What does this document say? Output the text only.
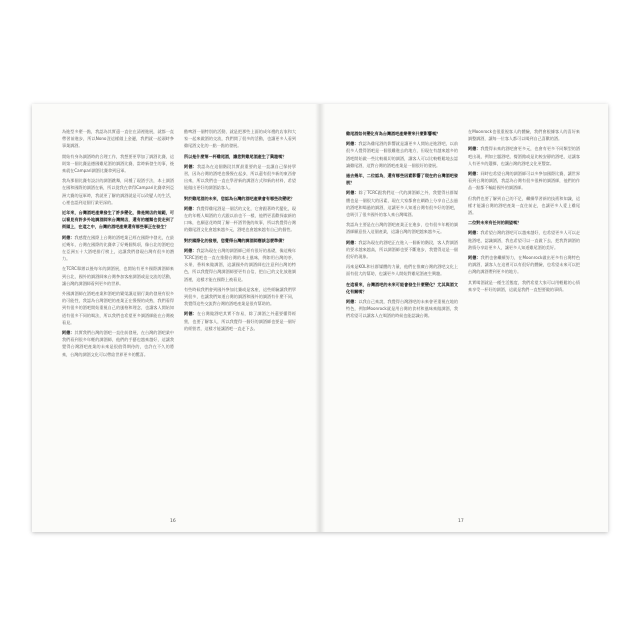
為進型多麼一點，我認為其實還一直往在清裡進展，就都一直帶習前進步，所以Nono沒這樣做上金邊，我們就一起頭時參事業調酒。

開始有身為調酒時的合理工作，我想要更學加了調酒比賽，這則第一個比賽是德國雞尾酒的調酒比賽，當時新發生的事，後來就在Campari調酒比賽拿到冠軍。

我為那個比賽有設計的調酒跳舞，同種了現酒手法，本土調酒在國和國際的調酒在新，所以從我在拿得Campari比賽拿到亞洲大賽的冠軍時，我就更了解的調酒就是可以改變人的生活，心裡也認到這個行業更深的。

近年來，台灣酒吧產業發生了許多變化，像是開店的規範，可以看見有許多外地調酒師來台灣開店，還有的種類也從走到了街頭上，在這之中，台灣的酒吧產業還有哪些事正在發生？

阿德：我感覺在國際上台灣的酒吧業已經在國際中發光，在最近幾年，台灣在國際的比賽拿了好幾個獎項，像台北的酒吧也在亞洲五十大酒吧排行榜上，這讓我們發現台灣有很多的潛力。

在TCRC舉辦以後每年的調酒展，也開始有更多國際調酒師來到台北，國外的調酒師來台灣參加客座調酒或是交流的活動，讓台灣的調酒師看到更多的世界。

外國調酒師在酒吧產業和酒吧的繁榮讓這個行業的發展有很多的可能性，我認為台灣酒吧的產業正在慢慢的成熟，我們看得到有很多的酒吧開始重視自己的風格和理念，也讓客人開始知道有很多不同的喝法，所以我們也希望更多調酒師能在台灣被看見。

阿德：其實我們台灣的酒吧一直往前發展，在台灣的酒吧業中我們看到很多年輕的調酒師，他們的手藝也越來越好，這讓我覺得台灣酒吧產業的未來是很值得期待的，也許在不久的將來，台灣的調酒文化可以帶給世界更多的驚喜。

酷啤酒一個特別的活動，就是把那些上面的成年禮的店家和大家一起來做酒的交流，我們開了很多的活動，也讓更多人看到雞尾酒文化的一點一點的發展。

所以是什麼第一杯雞尾酒，讓您對雞尾酒產生了興趣嗎？

阿德：我認為在這個階段其實最重要的是一直讓自己保持學習，因為台灣的酒吧也慢慢在起步，所以還有很多新的東西會出來，所以我們也一直在學習新的調酒方式和新的材料，希望能做出更好的調酒給客人。

對於雞尾酒的未來，您認為台灣的酒吧產業會有哪些改變呢？

阿德：我覺得雞尾酒是一個活的文化，它會跟著時代變化，現在的年輕人喝酒的方式跟以前也不一樣，他們更喜歡探索新的口味，也願意花時間了解一杯酒背後的故事，所以我覺得台灣的雞尾酒文化會越來越多元，酒吧也會越來越有自己的個性。

對於國際化的發展，您覺得台灣的調酒師應該怎麼準備？

阿德：我認為現在台灣的調酒師已經有很好的基礎，像這幾年TCRC酒吧也一直在推動台灣的本土風味，例如用台灣的茶、水果、香料來做調酒，這讓國外的調酒師也注意到台灣的特色，所以我覺得台灣調酒師要更有自信，把自己的文化放進調酒裡，這樣才能在國際上被看見。

有些時候我們會到國外參加比賽或是客座，這些經驗讓我們學到很多，也讓我們知道台灣的調酒和國外的調酒有什麼不同，我覺得這些交流對台灣的酒吧產業是很有幫助的。

阿德：在台灣做酒吧其實不容易，除了調酒之外還要懂得經營，也要了解客人，所以我覺得一個好的調酒師也要是一個好的經營者，這樣才能讓酒吧一直走下去。

16

雞尾酒如何變化有為台灣酒吧產業帶來什麼影響嗎？

阿德：我認為雞尾酒的影響就是讓更多人開始走進酒吧，以前很多人覺得酒吧是一個很難進去的地方，但現在有越來越多的酒吧開始做一些比較親切的調酒，讓客人可以比較輕鬆地去認識雞尾酒，這對台灣的酒吧產業是一個很好的發展。

過去幾年，二位認為，還有哪些因素影響了現在的台灣酒吧發展？

阿德：除了TCRC跟我們這一代的調酒師之外，我覺得社群媒體也是一個很大的因素，現在大家都會在網路上分享自己去過的酒吧和喝過的調酒，這讓更多人知道台灣有很多好的酒吧，也吸引了很多國外的客人來台灣喝酒。

我認為主要是在台灣的酒吧產業正在進步，也有很多年輕的調酒師願意投入這個產業，這讓台灣的酒吧越來越多元。

阿德：我認為現在的酒吧正在進入一個新的階段，客人對調酒的要求越來越高，所以調酒師也要不斷進步，我覺得這是一個很好的現象。

再來是KOL和社群媒體的力量，他們在推廣台灣的酒吧文化上面有很大的幫助，也讓更多人開始對雞尾酒產生興趣。

在這看來，台灣酒吧的未來可能會發生什麼變化？尤其與酒文化有關嗎？

阿德：以我自己來說，我覺得台灣酒吧的未來會更重視在地的特色，例如Moonrock就是用台灣的食材和風味來做調酒，我們希望可以讓客人在喝酒的時候也能認識台灣。

在Moonrock也很重視客人的體驗，我們會根據客人的喜好來調整調酒，讓每一位客人都可以喝到自己喜歡的酒。

阿德：我覺得未來的酒吧會更多元，也會有更多不同類型的酒吧出現，例如主題酒吧、餐酒館或是比較安靜的酒吧，這讓客人有更多的選擇，也讓台灣的酒吧文化更豐富。

阿德：同時也希望台灣的調酒師可以多參加國際比賽，讓世界看到台灣的調酒，我認為台灣有很多很棒的調酒師，他們的作品一點都不輸給國外的調酒師。

但我們也要了解到自己的不足，繼續學習新的技術和知識，這樣才能讓台灣的酒吧產業一直往前走，也讓更多人愛上雞尾酒。

二位對未來有任何的期望嗎？

阿德：我希望台灣的酒吧可以越來越好，也希望更多人可以走進酒吧，認識調酒，我也希望可以一直做下去，把我對調酒的熱情分享給更多人，讓更多人知道雞尾酒的美好。

阿德：我們也會繼續努力，在Moonrock做出更多有台灣特色的調酒，讓客人在這裡可以有很好的體驗，也希望未來可以把台灣的調酒帶到更多的地方。

其實喝酒就是一種生活態度，我們希望大家可以用輕鬆的心情來享受一杯好的調酒，這就是我們一直想要做的事情。

17
